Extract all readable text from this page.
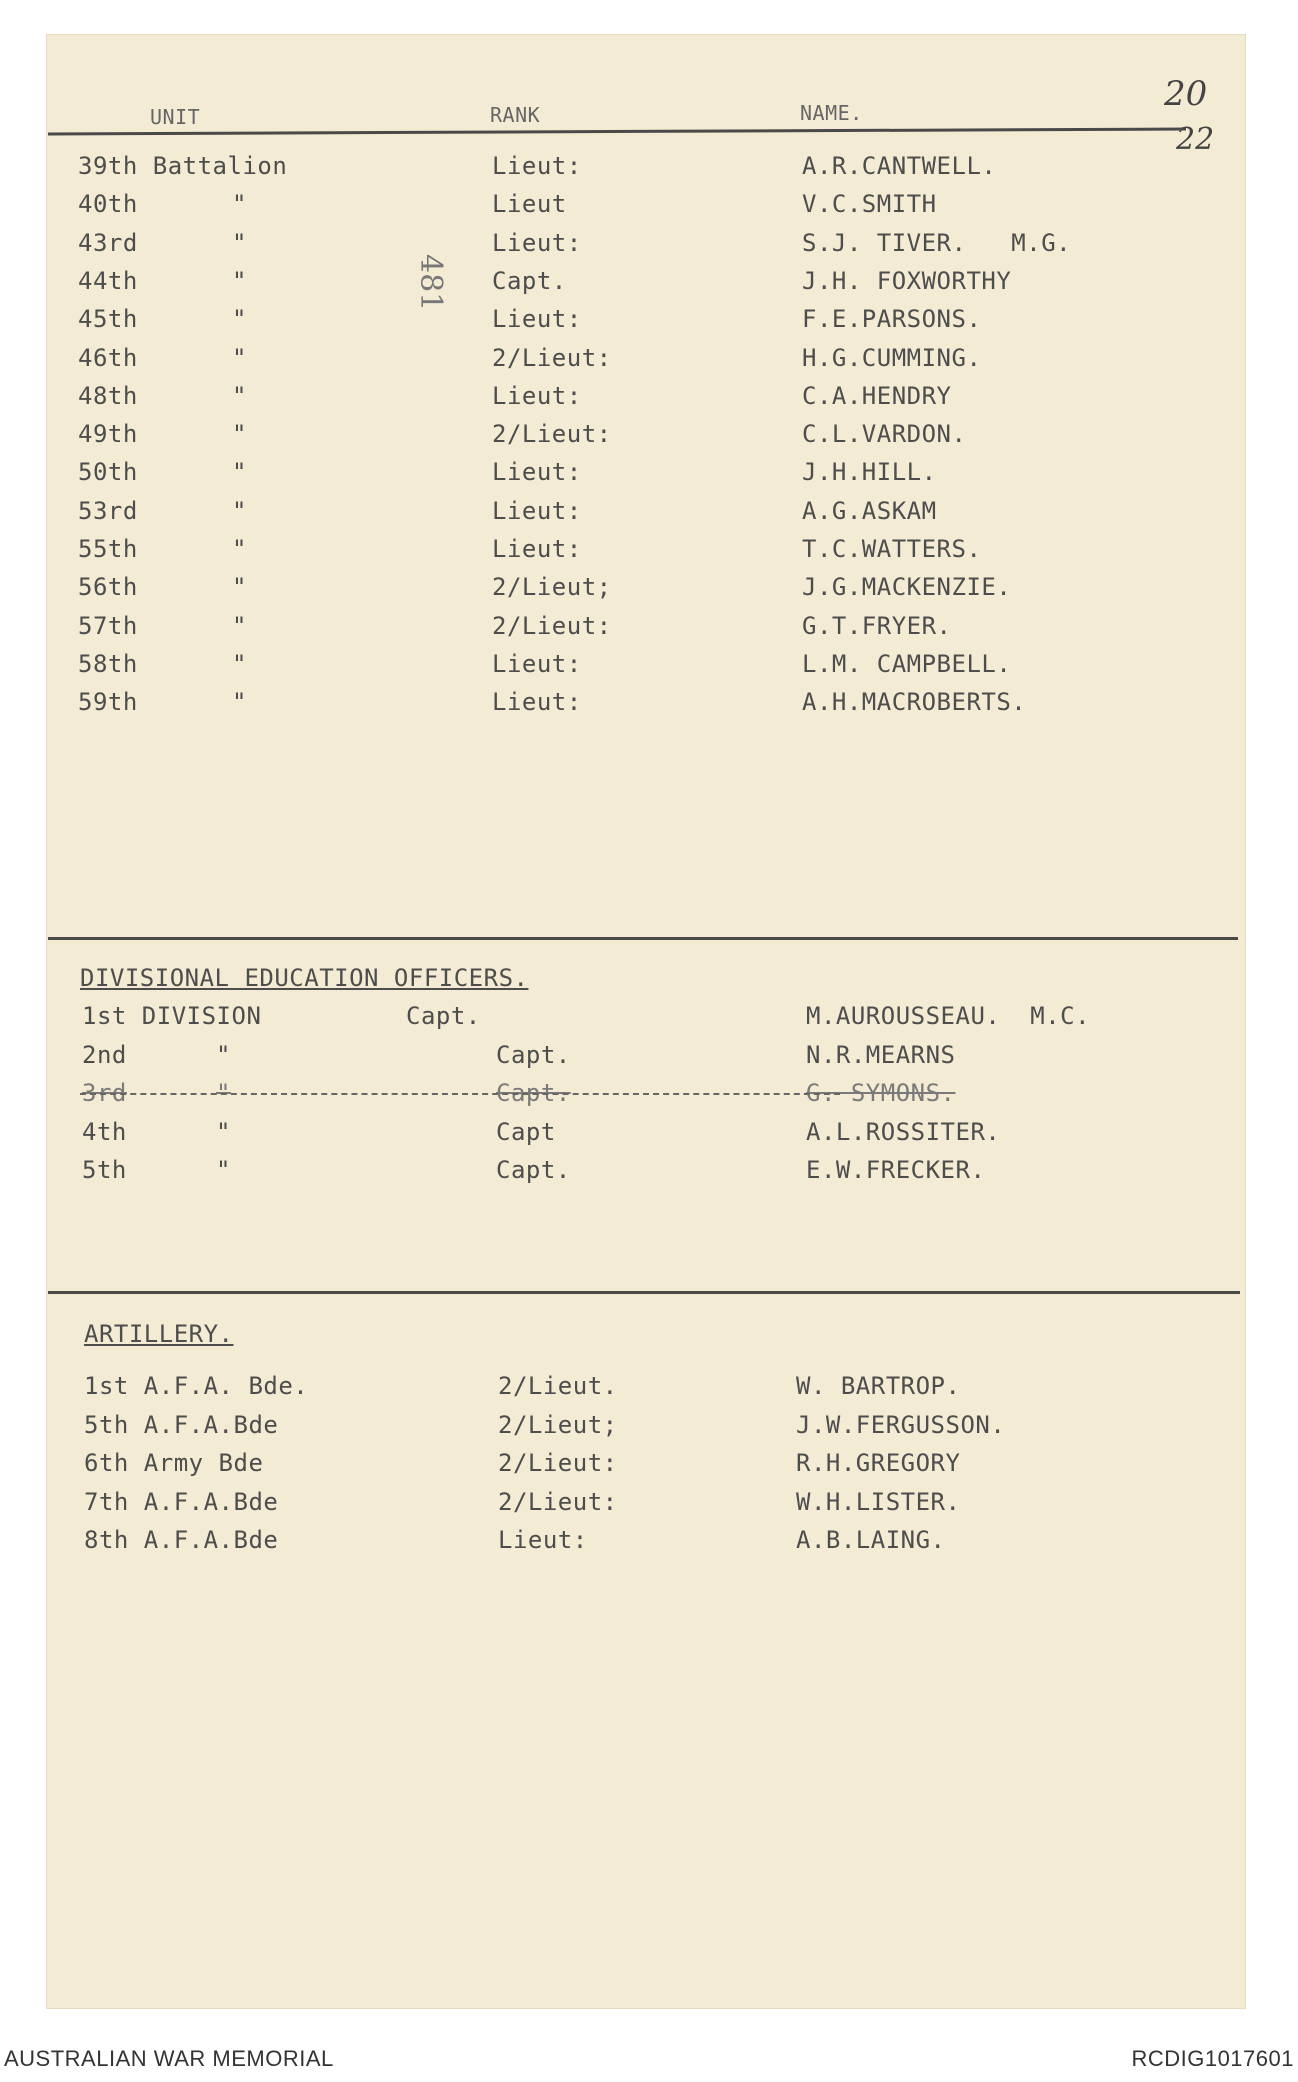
UNIT	RANK	NAME.	20
22
481
39th Battalion	Lieut:	A.R.CANTWELL.
40th	"	Lieut	V.C.SMITH
43rd	"	Lieut:	S.J. TIVER.   M.G.
44th	"	Capt.	J.H. FOXWORTHY
45th	"	Lieut:	F.E.PARSONS.
46th	"	2/Lieut:	H.G.CUMMING.
48th	"	Lieut:	C.A.HENDRY
49th	"	2/Lieut:	C.L.VARDON.
50th	"	Lieut:	J.H.HILL.
53rd	"	Lieut:	A.G.ASKAM
55th	"	Lieut:	T.C.WATTERS.
56th	"	2/Lieut;	J.G.MACKENZIE.
57th	"	2/Lieut:	G.T.FRYER.
58th	"	Lieut:	L.M. CAMPBELL.
59th	"	Lieut:	A.H.MACROBERTS.
DIVISIONAL EDUCATION OFFICERS.
1st DIVISION	Capt.	M.AUROUSSEAU.  M.C.
2nd	"	Capt.	N.R.MEARNS
3rd	"	Capt.	G. SYMONS.
4th	"	Capt	A.L.ROSSITER.
5th	"	Capt.	E.W.FRECKER.
ARTILLERY.
1st A.F.A. Bde.	2/Lieut.	W. BARTROP.
5th A.F.A.Bde	2/Lieut;	J.W.FERGUSSON.
6th Army Bde	2/Lieut:	R.H.GREGORY
7th A.F.A.Bde	2/Lieut:	W.H.LISTER.
8th A.F.A.Bde	Lieut:	A.B.LAING.
AUSTRALIAN WAR MEMORIAL	RCDIG1017601
